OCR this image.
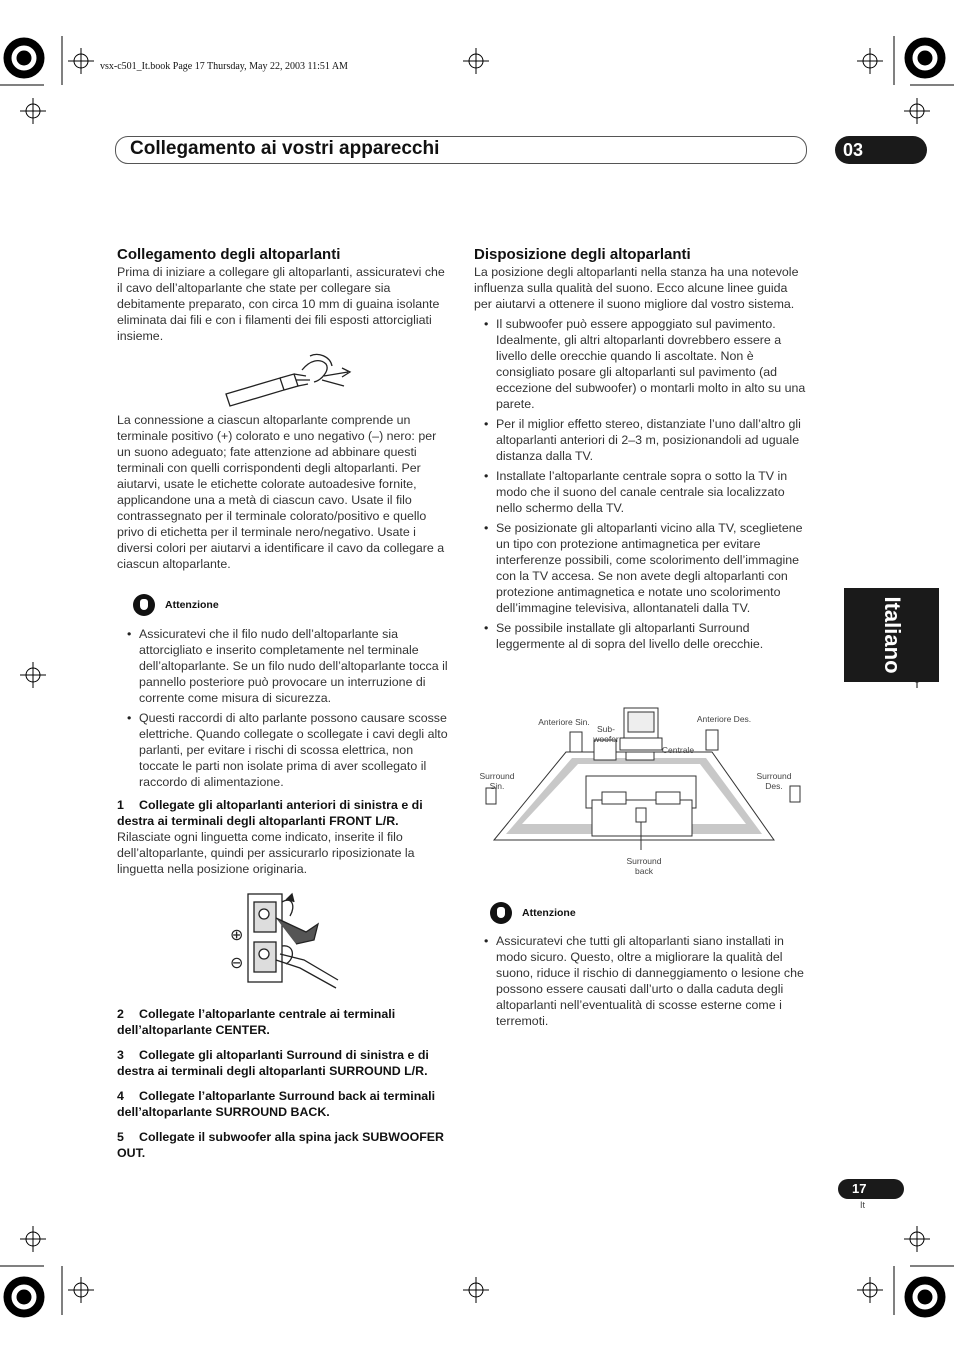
vsx-c501_It.book Page 17 Thursday, May 22, 2003 11:51 AM
Collegamento ai vostri apparecchi	03
Italiano
Collegamento degli altoparlanti

Prima di iniziare a collegare gli altoparlanti, assicuratevi che il cavo dell’altoparlante che state per collegare sia debitamente preparato, con circa 10 mm di guaina isolante eliminata dai fili e con i filamenti dei fili esposti attorcigliati insieme.

La connessione a ciascun altoparlante comprende un terminale positivo (+) colorato e uno negativo (–) nero: per un suono adeguato; fate attenzione ad abbinare questi terminali con quelli corrispondenti degli altoparlanti. Per aiutarvi, usate le etichette colorate autoadesive fornite, applicandone una a metà di ciascun cavo. Usate il filo contrassegnato per il terminale colorato/positivo e quello privo di etichetta per il terminale nero/negativo. Usate i diversi colori per aiutarvi a identificare il cavo da collegare a ciascun altoparlante.

Attenzione
• Assicuratevi che il filo nudo dell’altoparlante sia attorcigliato e inserito completamente nel terminale dell’altoparlante. Se un filo nudo dell’altoparlante tocca il pannello posteriore può provocare un interruzione di corrente come misura di sicurezza.
• Questi raccordi di alto parlante possono causare scosse elettriche. Quando collegate o scollegate i cavi degli alto parlanti, per evitare i rischi di scossa elettrica, non toccate le parti non isolate prima di aver scollegato il raccordo di alimentazione.

1 Collegate gli altoparlanti anteriori di sinistra e di destra ai terminali degli altoparlanti FRONT L/R.

Rilasciate ogni linguetta come indicato, inserite il filo dell’altoparlante, quindi per assicurarlo riposizionate la linguetta nella posizione originaria.

⊕
⊖

2 Collegate l’altoparlante centrale ai terminali dell’altoparlante CENTER.

3 Collegate gli altoparlanti Surround di sinistra e di destra ai terminali degli altoparlanti SURROUND L/R.

4 Collegate l’altoparlante Surround back ai terminali dell’altoparlante SURROUND BACK.

5 Collegate il subwoofer alla spina jack SUBWOOFER OUT.

Disposizione degli altoparlanti

La posizione degli altoparlanti nella stanza ha una notevole influenza sulla qualità del suono. Ecco alcune linee guida per aiutarvi a ottenere il suono migliore dal vostro sistema.

• Il subwoofer può essere appoggiato sul pavimento. Idealmente, gli altri altoparlanti dovrebbero essere a livello delle orecchie quando li ascoltate. Non è consigliato posare gli altoparlanti sul pavimento (ad eccezione del subwoofer) o montarli molto in alto su una parete.
• Per il miglior effetto stereo, distanziate l’uno dall’altro gli altoparlanti anteriori di 2–3 m, posizionandoli ad uguale distanza dalla TV.
• Installate l’altoparlante centrale sopra o sotto la TV in modo che il suono del canale centrale sia localizzato nello schermo della TV.
• Se posizionate gli altoparlanti vicino alla TV, sceglietene un tipo con protezione antimagnetica per evitare interferenze possibili, come scolorimento dell’immagine con la TV accesa. Se non avete degli altoparlanti con protezione antimagnetica e notate uno scolorimento dell’immagine televisiva, allontanateli dalla TV.
• Se possibile installate gli altoparlanti Surround leggermente al di sopra del livello delle orecchie.
Anteriore Sin.
Sub-
woofer
Anteriore Des.
Centrale
Surround
Sin.
Surround
Des.
Surround
back
Attenzione
• Assicuratevi che tutti gli altoparlanti siano installati in modo sicuro. Questo, oltre a migliorare la qualità del suono, riduce il rischio di danneggiamento o lesione che possono essere causati dall’urto o dalla caduta degli altoparlanti nell’eventualità di scosse esterne come i terremoti.
17
It
